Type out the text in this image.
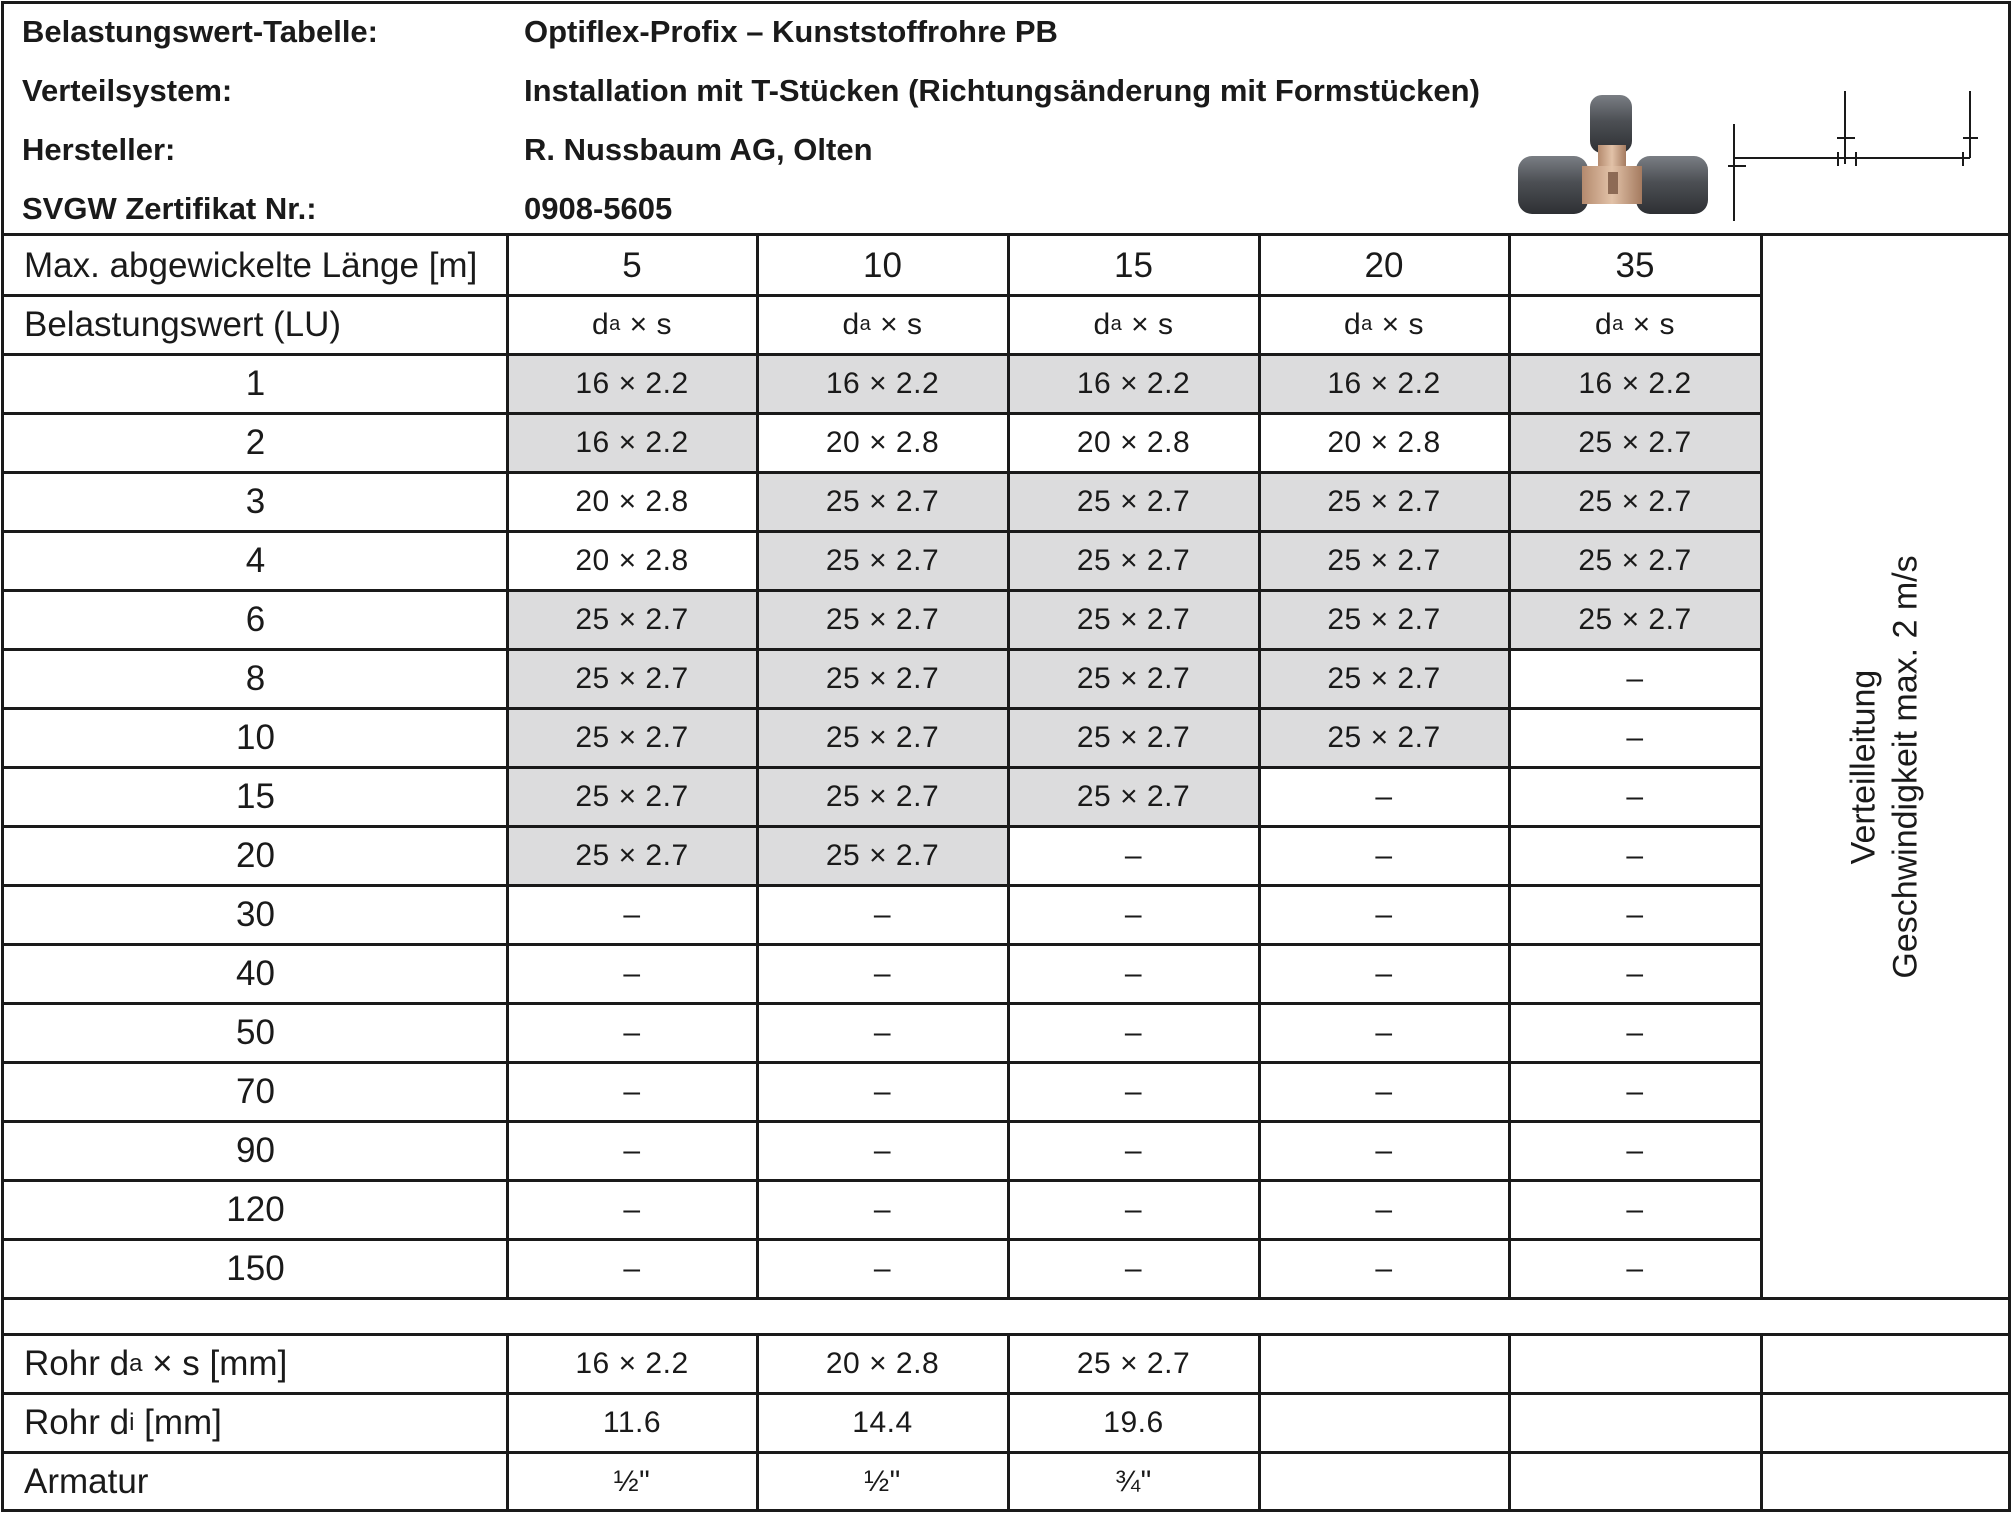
Belastungswert-Tabelle:	Optiflex-Profix – Kunststoffrohre PB
Verteilsystem:	Installation mit T-Stücken (Richtungsänderung mit Formstücken)
Hersteller:	R. Nussbaum AG, Olten
SVGW Zertifikat Nr.:	0908-5605
Max. abgewickelte Länge [m]	5	10	15	20	35
Belastungswert (LU)	d a × s	d a × s	d a × s	d a × s	d a × s
1	16 × 2.2	16 × 2.2	16 × 2.2	16 × 2.2	16 × 2.2
2	16 × 2.2	20 × 2.8	20 × 2.8	20 × 2.8	25 × 2.7
3	20 × 2.8	25 × 2.7	25 × 2.7	25 × 2.7	25 × 2.7
4	20 × 2.8	25 × 2.7	25 × 2.7	25 × 2.7	25 × 2.7
6	25 × 2.7	25 × 2.7	25 × 2.7	25 × 2.7	25 × 2.7
8	25 × 2.7	25 × 2.7	25 × 2.7	25 × 2.7	–
10	25 × 2.7	25 × 2.7	25 × 2.7	25 × 2.7	–
15	25 × 2.7	25 × 2.7	25 × 2.7	–	–
20	25 × 2.7	25 × 2.7	–	–	–
30	–	–	–	–	–
40	–	–	–	–	–
50	–	–	–	–	–
70	–	–	–	–	–
90	–	–	–	–	–
120	–	–	–	–	–
150	–	–	–	–	–
Verteilleitung Geschwindigkeit max. 2 m/s
Rohr d a × s [mm]	16 × 2.2	20 × 2.8	25 × 2.7
Rohr d i [mm]	11.6	14.4	19.6
Armatur	½"	½"	¾"
